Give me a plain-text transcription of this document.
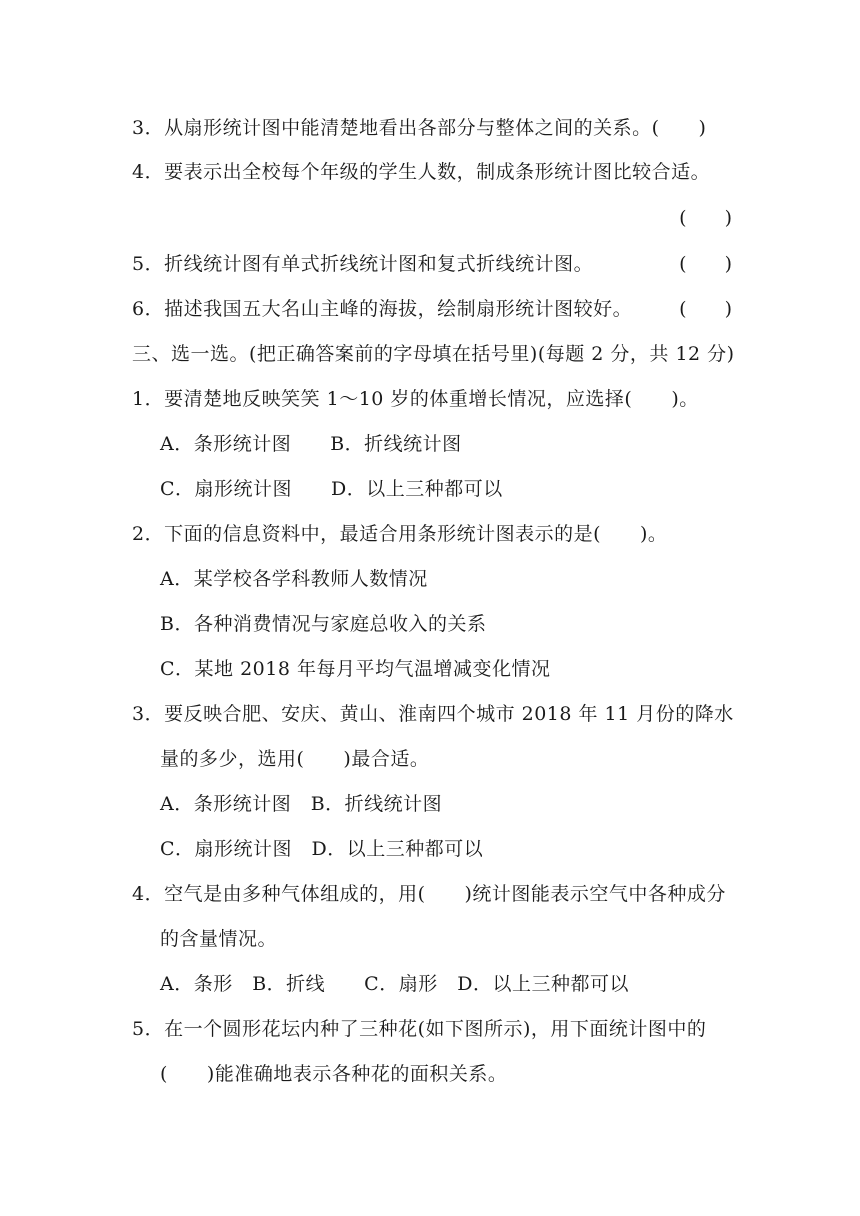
3．从扇形统计图中能清楚地看出各部分与整体之间的关系。(　　)
4．要表示出全校每个年级的学生人数，制成条形统计图比较合适。
(　　)
5．折线统计图有单式折线统计图和复式折线统计图。	(　　)
6．描述我国五大名山主峰的海拔，绘制扇形统计图较好。 (　　)
三、选一选。(把正确答案前的字母填在括号里)(每题 2 分，共 12 分)
1．要清楚地反映笑笑 1～10 岁的体重增长情况，应选择(　　)。
A．条形统计图　　B．折线统计图
C．扇形统计图　　D．以上三种都可以
2．下面的信息资料中，最适合用条形统计图表示的是(　　)。
A．某学校各学科教师人数情况
B．各种消费情况与家庭总收入的关系
C．某地 2018 年每月平均气温增减变化情况
3．要反映合肥、安庆、黄山、淮南四个城市 2018 年 11 月份的降水
量的多少，选用(　　)最合适。
A．条形统计图　B．折线统计图
C．扇形统计图　D．以上三种都可以
4．空气是由多种气体组成的，用(　　)统计图能表示空气中各种成分
的含量情况。
A．条形　B．折线　　C．扇形　D．以上三种都可以
5．在一个圆形花坛内种了三种花(如下图所示)，用下面统计图中的
(　　)能准确地表示各种花的面积关系。
